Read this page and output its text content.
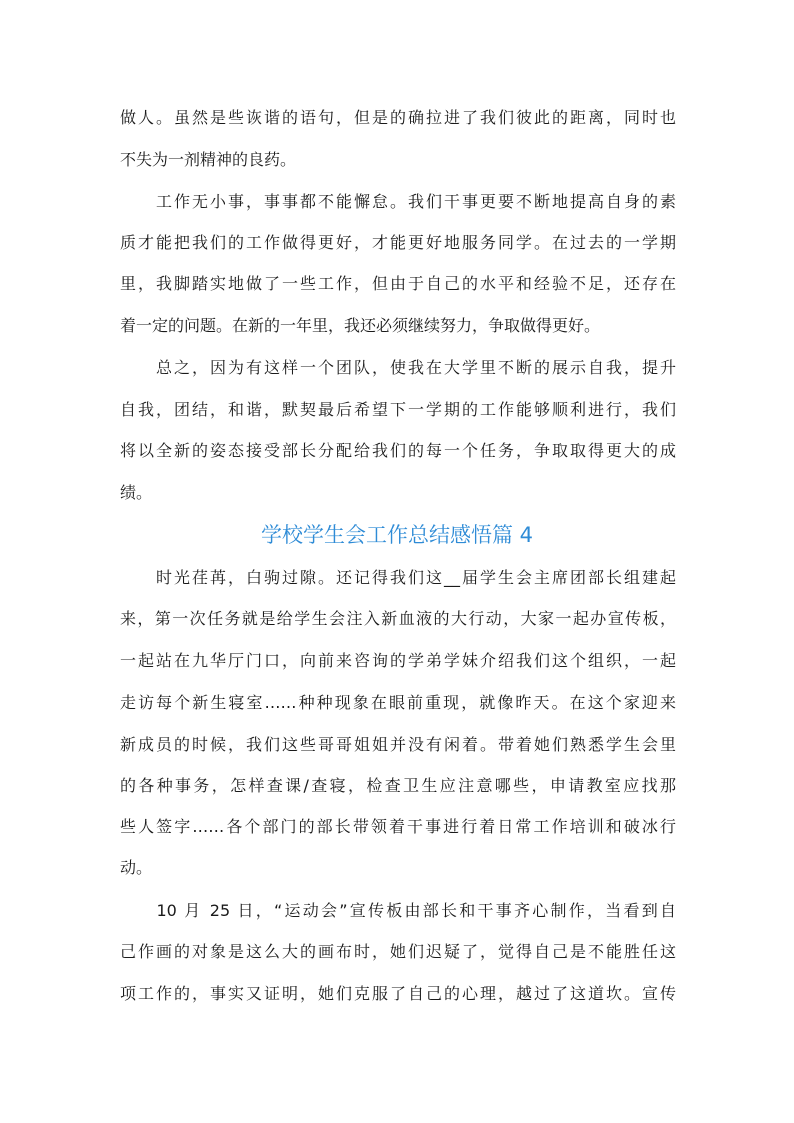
做人。虽然是些诙谐的语句，但是的确拉进了我们彼此的距离，同时也
不失为一剂精神的良药。
　　工作无小事，事事都不能懈怠。我们干事更要不断地提高自身的素
质才能把我们的工作做得更好，才能更好地服务同学。在过去的一学期
里，我脚踏实地做了一些工作，但由于自己的水平和经验不足，还存在
着一定的问题。在新的一年里，我还必须继续努力，争取做得更好。
　　总之，因为有这样一个团队，使我在大学里不断的展示自我，提升
自我，团结，和谐，默契最后希望下一学期的工作能够顺利进行，我们
将以全新的姿态接受部长分配给我们的每一个任务，争取取得更大的成
绩。
学校学生会工作总结感悟篇 4
　　时光荏苒，白驹过隙。还记得我们这__届学生会主席团部长组建起
来，第一次任务就是给学生会注入新血液的大行动，大家一起办宣传板，
一起站在九华厅门口，向前来咨询的学弟学妹介绍我们这个组织，一起
走访每个新生寝室……种种现象在眼前重现，就像昨天。在这个家迎来
新成员的时候，我们这些哥哥姐姐并没有闲着。带着她们熟悉学生会里
的各种事务，怎样查课/查寝，检查卫生应注意哪些，申请教室应找那
些人签字……各个部门的部长带领着干事进行着日常工作培训和破冰行
动。
　　10 月 25 日，“运动会”宣传板由部长和干事齐心制作，当看到自
己作画的对象是这么大的画布时，她们迟疑了，觉得自己是不能胜任这
项工作的，事实又证明，她们克服了自己的心理，越过了这道坎。宣传
